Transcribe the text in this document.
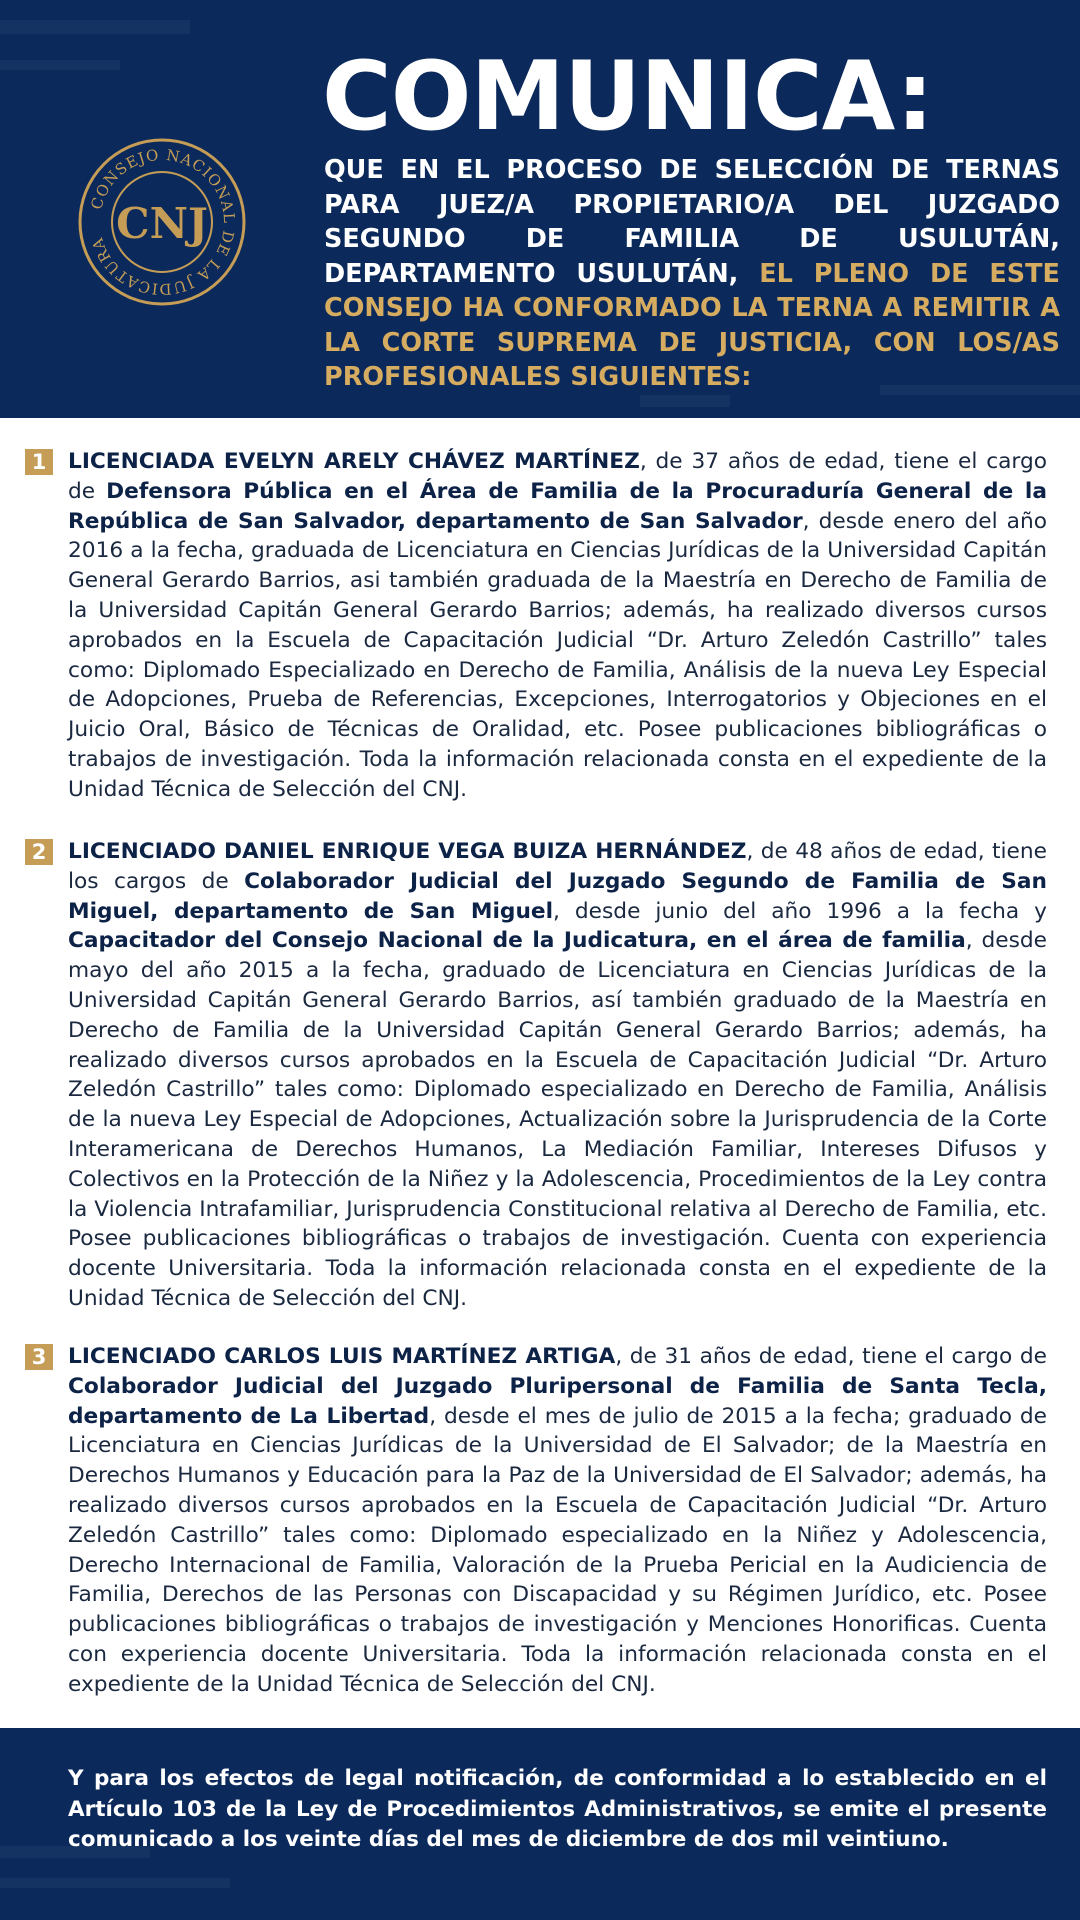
CONSEJO NACIONAL DE LA JUDICATURA CNJ
COMUNICA:

QUE EN EL PROCESO DE SELECCIÓN DE TERNAS PARA JUEZ/A PROPIETARIO/A DEL JUZGADO SEGUNDO DE FAMILIA DE USULUTÁN, DEPARTAMENTO USULUTÁN, EL PLENO DE ESTE CONSEJO HA CONFORMADO LA TERNA A REMITIR A LA CORTE SUPREMA DE JUSTICIA, CON LOS/AS PROFESIONALES SIGUIENTES:

1 LICENCIADA EVELYN ARELY CHÁVEZ MARTÍNEZ, de 37 años de edad, tiene el cargo de Defensora Pública en el Área de Familia de la Procuraduría General de la República de San Salvador, departamento de San Salvador, desde enero del año 2016 a la fecha, graduada de Licenciatura en Ciencias Jurídicas de la Universidad Capitán General Gerardo Barrios, asi también graduada de la Maestría en Derecho de Familia de la Universidad Capitán General Gerardo Barrios; además, ha realizado diversos cursos aprobados en la Escuela de Capacitación Judicial “Dr. Arturo Zeledón Castrillo” tales como: Diplomado Especializado en Derecho de Familia, Análisis de la nueva Ley Especial de Adopciones, Prueba de Referencias, Excepciones, Interrogatorios y Objeciones en el Juicio Oral, Básico de Técnicas de Oralidad, etc. Posee publicaciones bibliográficas o trabajos de investigación. Toda la información relacionada consta en el expediente de la Unidad Técnica de Selección del CNJ.

2 LICENCIADO DANIEL ENRIQUE VEGA BUIZA HERNÁNDEZ, de 48 años de edad, tiene los cargos de Colaborador Judicial del Juzgado Segundo de Familia de San Miguel, departamento de San Miguel, desde junio del año 1996 a la fecha y Capacitador del Consejo Nacional de la Judicatura, en el área de familia, desde mayo del año 2015 a la fecha, graduado de Licenciatura en Ciencias Jurídicas de la Universidad Capitán General Gerardo Barrios, así también graduado de la Maestría en Derecho de Familia de la Universidad Capitán General Gerardo Barrios; además, ha realizado diversos cursos aprobados en la Escuela de Capacitación Judicial “Dr. Arturo Zeledón Castrillo” tales como: Diplomado especializado en Derecho de Familia, Análisis de la nueva Ley Especial de Adopciones, Actualización sobre la Jurisprudencia de la Corte Interamericana de Derechos Humanos, La Mediación Familiar, Intereses Difusos y Colectivos en la Protección de la Niñez y la Adolescencia, Procedimientos de la Ley contra la Violencia Intrafamiliar, Jurisprudencia Constitucional relativa al Derecho de Familia, etc. Posee publicaciones bibliográficas o trabajos de investigación. Cuenta con experiencia docente Universitaria. Toda la información relacionada consta en el expediente de la Unidad Técnica de Selección del CNJ.

3 LICENCIADO CARLOS LUIS MARTÍNEZ ARTIGA, de 31 años de edad, tiene el cargo de Colaborador Judicial del Juzgado Pluripersonal de Familia de Santa Tecla, departamento de La Libertad, desde el mes de julio de 2015 a la fecha; graduado de Licenciatura en Ciencias Jurídicas de la Universidad de El Salvador; de la Maestría en Derechos Humanos y Educación para la Paz de la Universidad de El Salvador; además, ha realizado diversos cursos aprobados en la Escuela de Capacitación Judicial “Dr. Arturo Zeledón Castrillo” tales como: Diplomado especializado en la Niñez y Adolescencia, Derecho Internacional de Familia, Valoración de la Prueba Pericial en la Audiciencia de Familia, Derechos de las Personas con Discapacidad y su Régimen Jurídico, etc. Posee publicaciones bibliográficas o trabajos de investigación y Menciones Honorificas. Cuenta con experiencia docente Universitaria. Toda la información relacionada consta en el expediente de la Unidad Técnica de Selección del CNJ.

Y para los efectos de legal notificación, de conformidad a lo establecido en el Artículo 103 de la Ley de Procedimientos Administrativos, se emite el presente comunicado a los veinte días del mes de diciembre de dos mil veintiuno.
